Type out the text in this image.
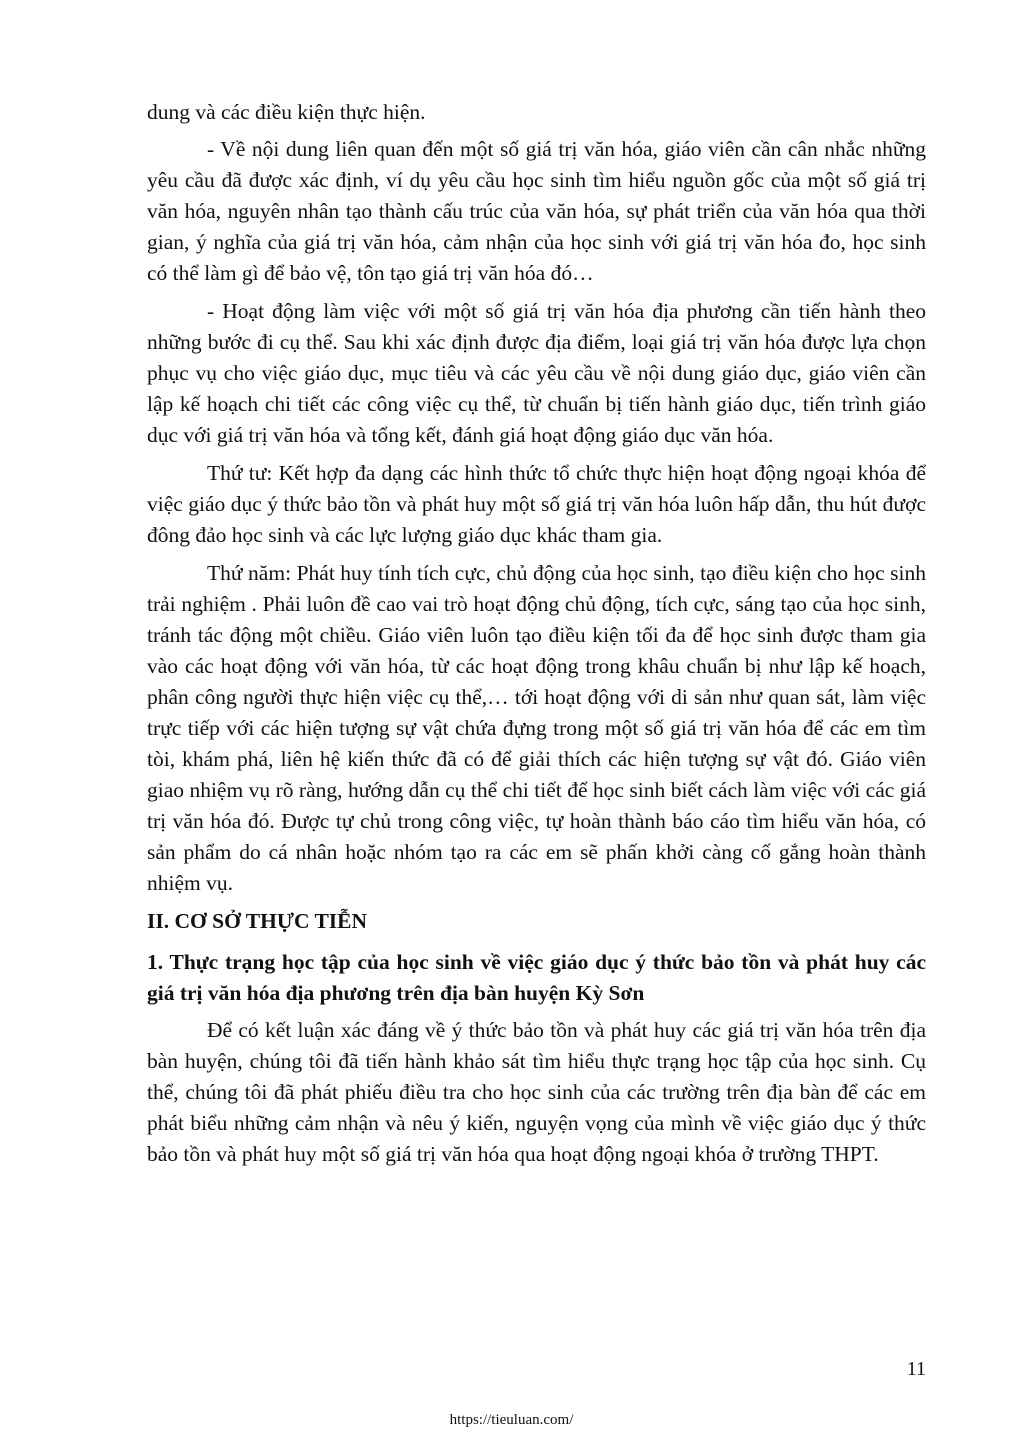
dung và các điều kiện thực hiện.

- Về nội dung liên quan đến một số giá trị văn hóa, giáo viên cần cân nhắc những yêu cầu đã được xác định, ví dụ yêu cầu học sinh tìm hiểu nguồn gốc của một số giá trị văn hóa, nguyên nhân tạo thành cấu trúc của văn hóa, sự phát triển của văn hóa qua thời gian, ý nghĩa của giá trị văn hóa, cảm nhận của học sinh với giá trị văn hóa đo, học sinh có thể làm gì để bảo vệ, tôn tạo giá trị văn hóa đó…

- Hoạt động làm việc với một số giá trị văn hóa địa phương cần tiến hành theo những bước đi cụ thể. Sau khi xác định được địa điểm, loại giá trị văn hóa được lựa chọn phục vụ cho việc giáo dục, mục tiêu và các yêu cầu về nội dung giáo dục, giáo viên cần lập kế hoạch chi tiết các công việc cụ thể, từ chuẩn bị tiến hành giáo dục, tiến trình giáo dục với giá trị văn hóa và tổng kết, đánh giá hoạt động giáo dục văn hóa.

Thứ tư: Kết hợp đa dạng các hình thức tổ chức thực hiện hoạt động ngoại khóa để việc giáo dục ý thức bảo tồn và phát huy một số giá trị văn hóa luôn hấp dẫn, thu hút được đông đảo học sinh và các lực lượng giáo dục khác tham gia.

Thứ năm: Phát huy tính tích cực, chủ động của học sinh, tạo điều kiện cho học sinh trải nghiệm . Phải luôn đề cao vai trò hoạt động chủ động, tích cực, sáng tạo của học sinh, tránh tác động một chiều. Giáo viên luôn tạo điều kiện tối đa để học sinh được tham gia vào các hoạt động với văn hóa, từ các hoạt động trong khâu chuẩn bị như lập kế hoạch, phân công người thực hiện việc cụ thể,… tới hoạt động với di sản như quan sát, làm việc trực tiếp với các hiện tượng sự vật chứa đựng trong một số giá trị văn hóa để các em tìm tòi, khám phá, liên hệ kiến thức đã có để giải thích các hiện tượng sự vật đó. Giáo viên giao nhiệm vụ rõ ràng, hướng dẫn cụ thể chi tiết để học sinh biết cách làm việc với các giá trị văn hóa đó. Được tự chủ trong công việc, tự hoàn thành báo cáo tìm hiểu văn hóa, có sản phẩm do cá nhân hoặc nhóm tạo ra các em sẽ phấn khởi càng cố gắng hoàn thành nhiệm vụ.

II. CƠ SỞ THỰC TIỄN
1. Thực trạng học tập của học sinh về việc giáo dục ý thức bảo tồn và phát huy các giá trị văn hóa địa phương trên địa bàn huyện Kỳ Sơn

Để có kết luận xác đáng về ý thức bảo tồn và phát huy các giá trị văn hóa trên địa bàn huyện, chúng tôi đã tiến hành khảo sát tìm hiểu thực trạng học tập của học sinh. Cụ thể, chúng tôi đã phát phiếu điều tra cho học sinh của các trường trên địa bàn để các em phát biểu những cảm nhận và nêu ý kiến, nguyện vọng của mình về việc giáo dục ý thức bảo tồn và phát huy một số giá trị văn hóa qua hoạt động ngoại khóa ở trường THPT.

11
https://tieuluan.com/
